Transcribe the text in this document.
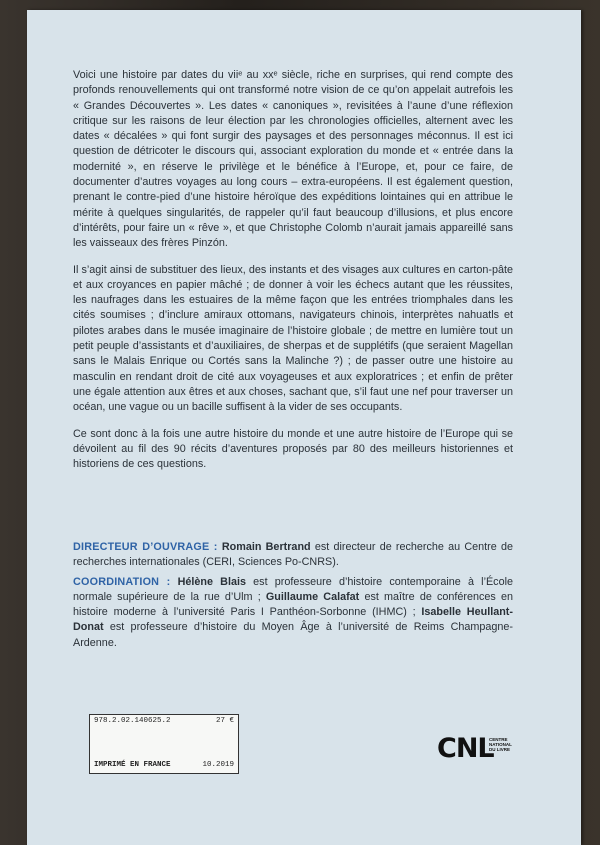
Voici une histoire par dates du viiᵉ au xxᵉ siècle, riche en surprises, qui rend compte des profonds renouvellements qui ont transformé notre vision de ce qu’on appelait autrefois les « Grandes Découvertes ». Les dates « canoniques », revisitées à l’aune d’une réflexion critique sur les raisons de leur élection par les chronologies officielles, alternent avec les dates « décalées » qui font surgir des paysages et des personnages méconnus. Il est ici question de détricoter le discours qui, associant exploration du monde et « entrée dans la modernité », en réserve le privilège et le bénéfice à l’Europe, et, pour ce faire, de documenter d’autres voyages au long cours – extra-européens. Il est également question, prenant le contre-pied d’une histoire héroïque des expéditions lointaines qui en attribue le mérite à quelques singularités, de rappeler qu’il faut beaucoup d’illusions, et plus encore d’intérêts, pour faire un « rêve », et que Christophe Colomb n’aurait jamais appareillé sans les vaisseaux des frères Pinzón.

Il s’agit ainsi de substituer des lieux, des instants et des visages aux cultures en carton-pâte et aux croyances en papier mâché ; de donner à voir les échecs autant que les réussites, les naufrages dans les estuaires de la même façon que les entrées triomphales dans les cités soumises ; d’inclure amiraux ottomans, navigateurs chinois, interprètes nahuatls et pilotes arabes dans le musée imaginaire de l’histoire globale ; de mettre en lumière tout un petit peuple d’assistants et d’auxiliaires, de sherpas et de supplétifs (que seraient Magellan sans le Malais Enrique ou Cortés sans la Malinche ?) ; de passer outre une histoire au masculin en rendant droit de cité aux voyageuses et aux exploratrices ; et enfin de prêter une égale attention aux êtres et aux choses, sachant que, s’il faut une nef pour traverser un océan, une vague ou un bacille suffisent à la vider de ses occupants.

Ce sont donc à la fois une autre histoire du monde et une autre histoire de l’Europe qui se dévoilent au fil des 90 récits d’aventures proposés par 80 des meilleurs historiennes et historiens de ces questions.

DIRECTEUR D’OUVRAGE : Romain Bertrand est directeur de recherche au Centre de recherches internationales (CERI, Sciences Po-CNRS).

COORDINATION : Hélène Blais est professeure d’histoire contemporaine à l’École normale supérieure de la rue d’Ulm ; Guillaume Calafat est maître de conférences en histoire moderne à l’université Paris I Panthéon-Sorbonne (IHMC) ; Isabelle Heullant-Donat est professeure d’histoire du Moyen Âge à l’université de Reims Champagne-Ardenne.

978.2.02.140625.2	27 €
IMPRIMÉ EN FRANCE	10.2019
CNL
CENTRE NATIONAL DU LIVRE
